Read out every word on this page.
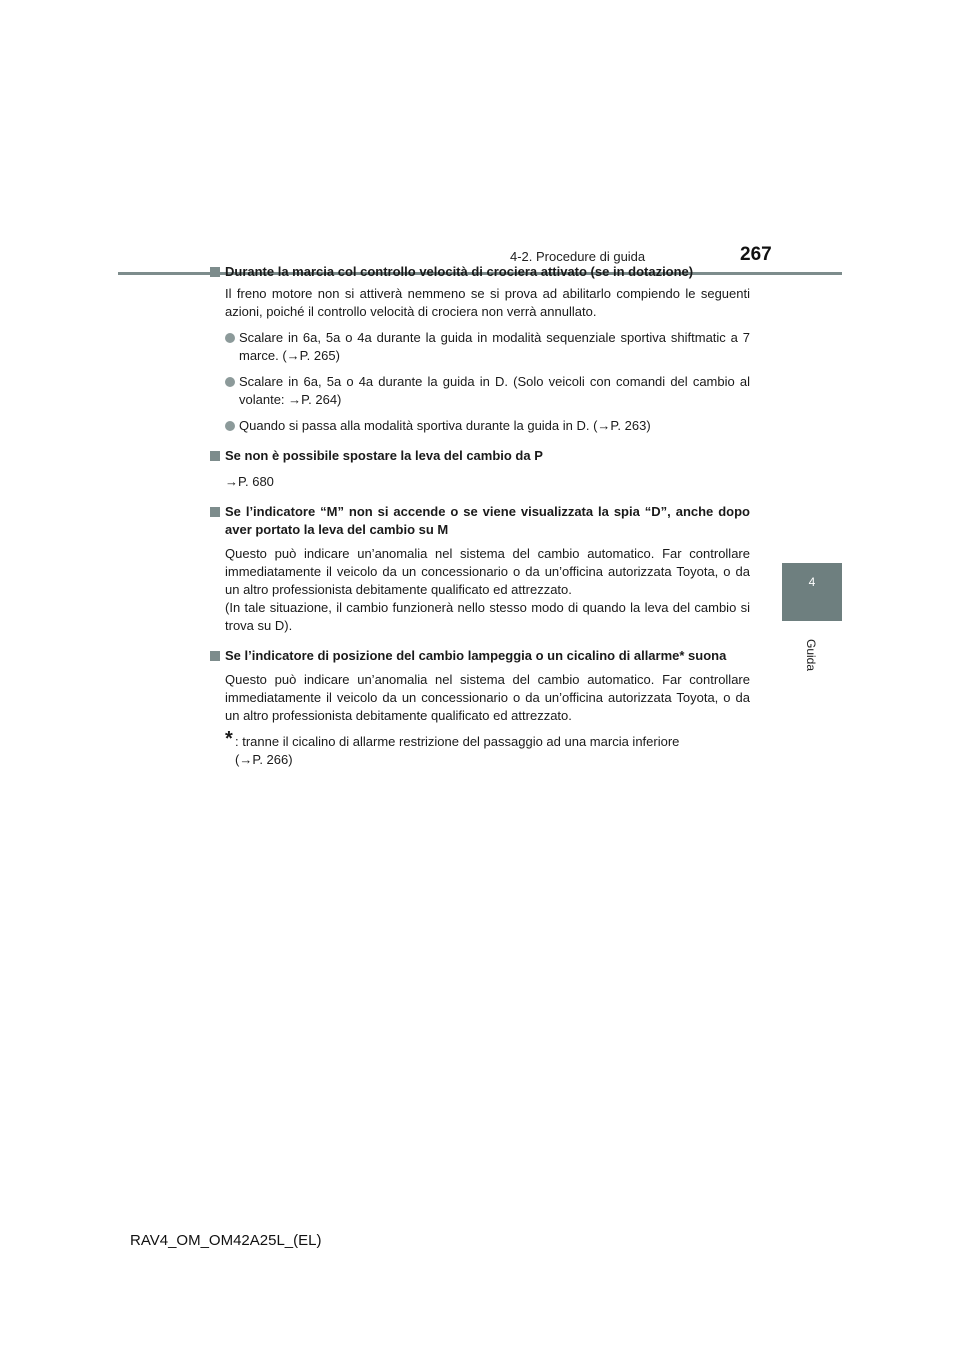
4-2. Procedure di guida	267
4
Guida
Durante la marcia col controllo velocità di crociera attivato (se in dotazione)
Il freno motore non si attiverà nemmeno se si prova ad abilitarlo compiendo le seguenti azioni, poiché il controllo velocità di crociera non verrà annullato.
Scalare in 6a, 5a o 4a durante la guida in modalità sequenziale sportiva shiftmatic a 7 marce. (→P. 265)
Scalare in 6a, 5a o 4a durante la guida in D. (Solo veicoli con comandi del cambio al volante: →P. 264)
Quando si passa alla modalità sportiva durante la guida in D. (→P. 263)
Se non è possibile spostare la leva del cambio da P
→P. 680
Se l’indicatore “M” non si accende o se viene visualizzata la spia “D”, anche dopo aver portato la leva del cambio su M
Questo può indicare un’anomalia nel sistema del cambio automatico. Far controllare immediatamente il veicolo da un concessionario o da un’officina autorizzata Toyota, o da un altro professionista debitamente qualificato ed attrezzato.
(In tale situazione, il cambio funzionerà nello stesso modo di quando la leva del cambio si trova su D).
Se l’indicatore di posizione del cambio lampeggia o un cicalino di allarme* suona
Questo può indicare un’anomalia nel sistema del cambio automatico. Far controllare immediatamente il veicolo da un concessionario o da un’officina autorizzata Toyota, o da un altro professionista debitamente qualificato ed attrezzato.
* : tranne il cicalino di allarme restrizione del passaggio ad una marcia inferiore
(→P. 266)
RAV4_OM_OM42A25L_(EL)
